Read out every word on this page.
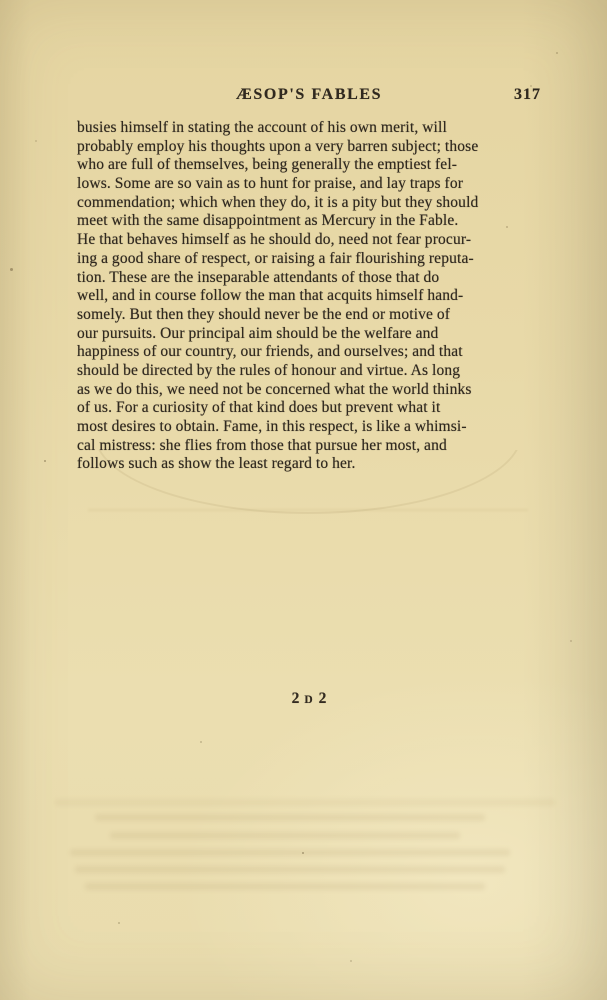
ÆSOP'S FABLES	317
busies himself in stating the account of his own merit, will
probably employ his thoughts upon a very barren subject; those
who are full of themselves, being generally the emptiest fel-
lows. Some are so vain as to hunt for praise, and lay traps for
commendation; which when they do, it is a pity but they should
meet with the same disappointment as Mercury in the Fable.
He that behaves himself as he should do, need not fear procur-
ing a good share of respect, or raising a fair flourishing reputa-
tion. These are the inseparable attendants of those that do
well, and in course follow the man that acquits himself hand-
somely. But then they should never be the end or motive of
our pursuits. Our principal aim should be the welfare and
happiness of our country, our friends, and ourselves; and that
should be directed by the rules of honour and virtue. As long
as we do this, we need not be concerned what the world thinks
of us. For a curiosity of that kind does but prevent what it
most desires to obtain. Fame, in this respect, is like a whimsi-
cal mistress: she flies from those that pursue her most, and
follows such as show the least regard to her.
2 D 2
